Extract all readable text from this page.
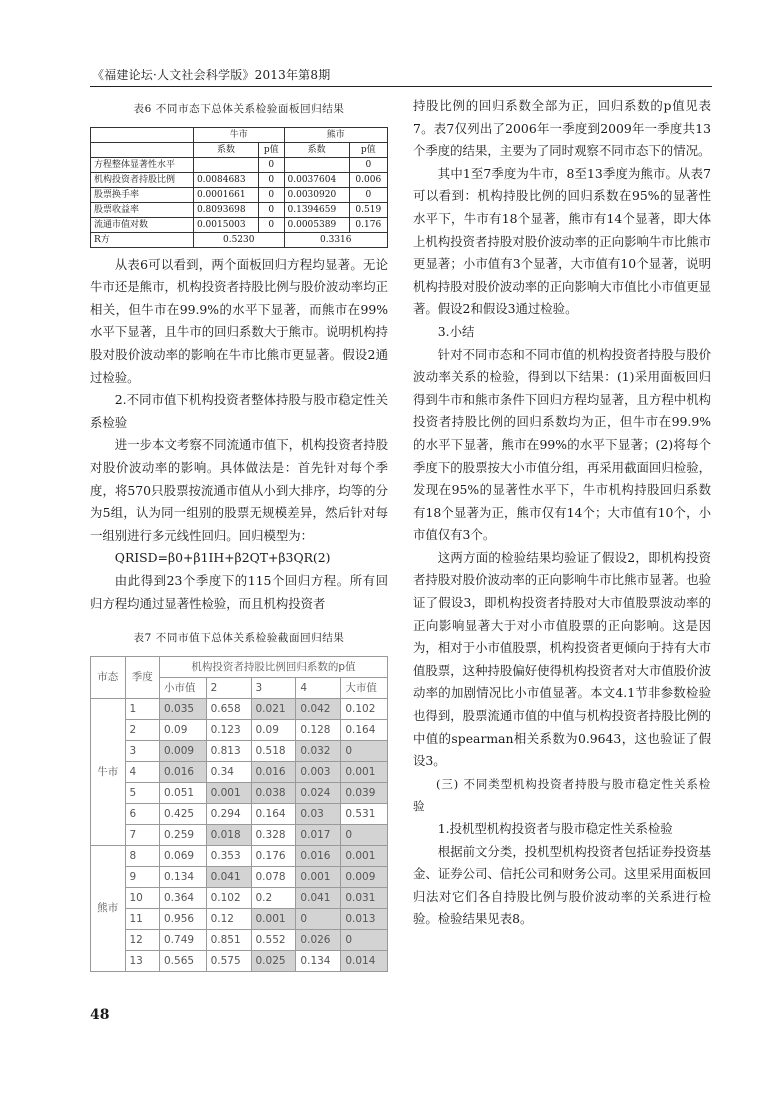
《福建论坛·人文社会科学版》2013年第8期
表6 不同市态下总体关系检验面板回归结果
	牛市		熊市	
	系数	p值	系数	p值
方程整体显著性水平		0		0
机构投资者持股比例	0.0084683	0	0.0037604	0.006
股票换手率	0.0001661	0	0.0030920	0
股票收益率	0.8093698	0	0.1394659	0.519
流通市值对数	0.0015003	0	0.0005389	0.176
R方	0.5230		0.3316	

从表6可以看到，两个面板回归方程均显著。无论牛市还是熊市，机构投资者持股比例与股价波动率均正相关，但牛市在99.9%的水平下显著，而熊市在99%水平下显著，且牛市的回归系数大于熊市。说明机构持股对股价波动率的影响在牛市比熊市更显著。假设2通过检验。

2.不同市值下机构投资者整体持股与股市稳定性关系检验

进一步本文考察不同流通市值下，机构投资者持股对股价波动率的影响。具体做法是：首先针对每个季度，将570只股票按流通市值从小到大排序，均等的分为5组，认为同一组别的股票无规模差异，然后针对每一组别进行多元线性回归。回归模型为：

QRISD=β0+β1IH+β2QT+β3QR(2)

由此得到23个季度下的115个回归方程。所有回归方程均通过显著性检验，而且机构投资者

表7 不同市值下总体关系检验截面回归结果
市态	季度	机构投资者持股比例回归系数的p值				
		小市值	2	3	4	大市值
牛市	1	0.035	0.658	0.021	0.042	0.102
	2	0.09	0.123	0.09	0.128	0.164
	3	0.009	0.813	0.518	0.032	0
	4	0.016	0.34	0.016	0.003	0.001
	5	0.051	0.001	0.038	0.024	0.039
	6	0.425	0.294	0.164	0.03	0.531
	7	0.259	0.018	0.328	0.017	0
熊市	8	0.069	0.353	0.176	0.016	0.001
	9	0.134	0.041	0.078	0.001	0.009
	10	0.364	0.102	0.2	0.041	0.031
	11	0.956	0.12	0.001	0	0.013
	12	0.749	0.851	0.552	0.026	0
	13	0.565	0.575	0.025	0.134	0.014

持股比例的回归系数全部为正，回归系数的p值见表7。表7仅列出了2006年一季度到2009年一季度共13个季度的结果，主要为了同时观察不同市态下的情况。

其中1至7季度为牛市，8至13季度为熊市。从表7可以看到：机构持股比例的回归系数在95%的显著性水平下，牛市有18个显著，熊市有14个显著，即大体上机构投资者持股对股价波动率的正向影响牛市比熊市更显著；小市值有3个显著，大市值有10个显著，说明机构持股对股价波动率的正向影响大市值比小市值更显著。假设2和假设3通过检验。

3.小结

针对不同市态和不同市值的机构投资者持股与股价波动率关系的检验，得到以下结果：(1)采用面板回归得到牛市和熊市条件下回归方程均显著，且方程中机构投资者持股比例的回归系数均为正，但牛市在99.9%的水平下显著，熊市在99%的水平下显著；(2)将每个季度下的股票按大小市值分组，再采用截面回归检验，发现在95%的显著性水平下，牛市机构持股回归系数有18个显著为正，熊市仅有14个；大市值有10个，小市值仅有3个。

这两方面的检验结果均验证了假设2，即机构投资者持股对股价波动率的正向影响牛市比熊市显著。也验证了假设3，即机构投资者持股对大市值股票波动率的正向影响显著大于对小市值股票的正向影响。这是因为，相对于小市值股票，机构投资者更倾向于持有大市值股票，这种持股偏好使得机构投资者对大市值股价波动率的加剧情况比小市值显著。本文4.1节非参数检验也得到，股票流通市值的中值与机构投资者持股比例的中值的spearman相关系数为0.9643，这也验证了假设3。

(三) 不同类型机构投资者持股与股市稳定性关系检验

1.投机型机构投资者与股市稳定性关系检验

根据前文分类，投机型机构投资者包括证券投资基金、证券公司、信托公司和财务公司。这里采用面板回归法对它们各自持股比例与股价波动率的关系进行检验。检验结果见表8。

48
